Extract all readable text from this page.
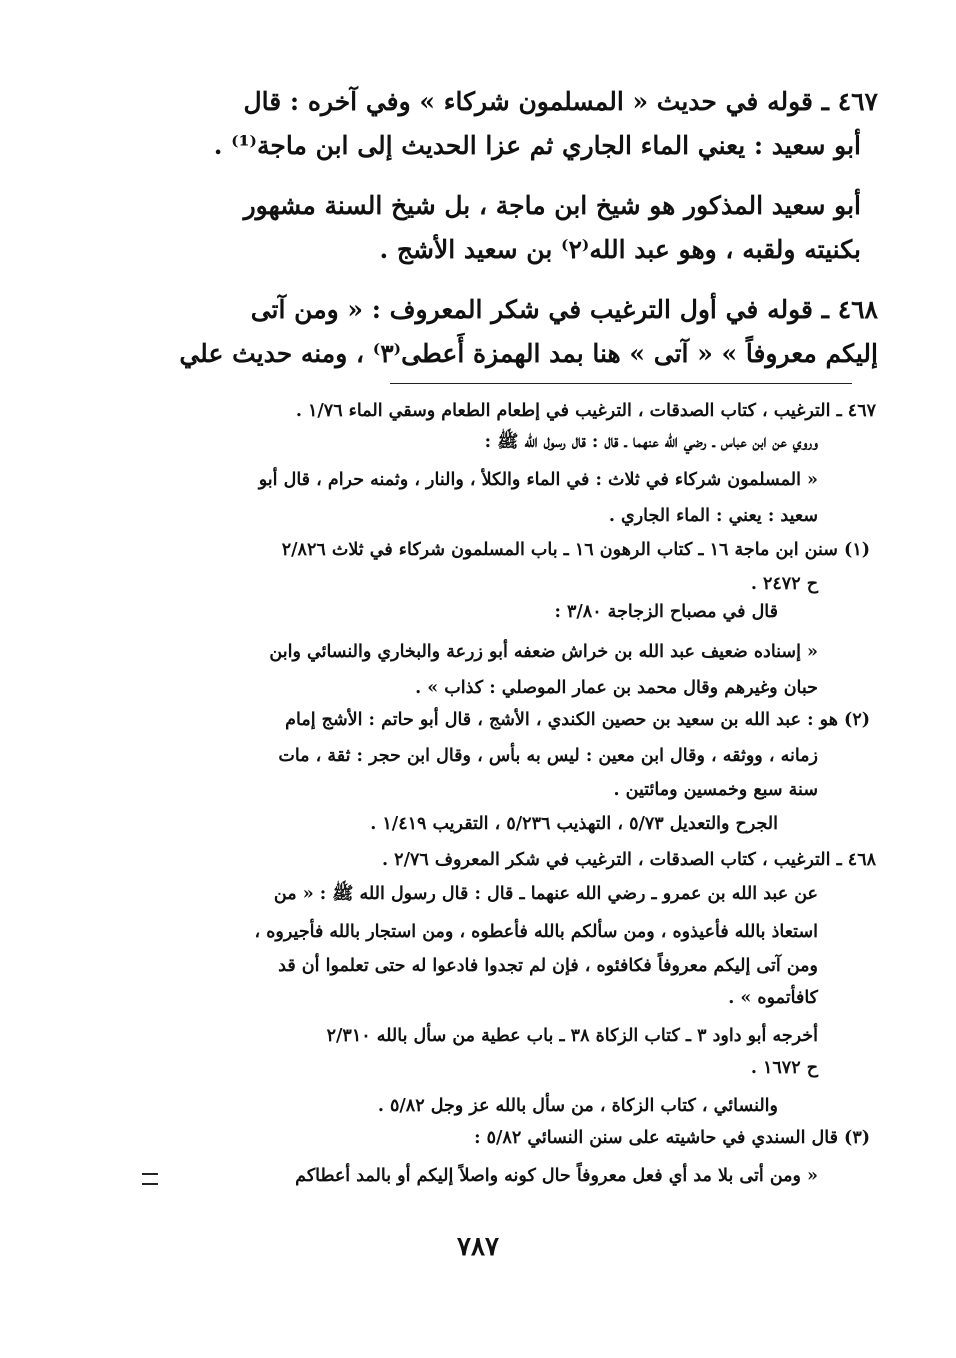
٤٦٧ ـ قوله في حديث « المسلمون شركاء » وفي آخره : قال
أبو سعيد : يعني الماء الجاري ثم عزا الحديث إلى ابن ماجة⁽¹⁾ .
أبو سعيد المذكور هو شيخ ابن ماجة ، بل شيخ السنة مشهور
بكنيته ولقبه ، وهو عبد الله⁽٢⁾ بن سعيد الأشج .
٤٦٨ ـ قوله في أول الترغيب في شكر المعروف : « ومن آتى
إليكم معروفاً » « آتى » هنا بمد الهمزة أَعطى⁽٣⁾ ، ومنه حديث علي
٤٦٧ ـ الترغيب ، كتاب الصدقات ، الترغيب في إطعام الطعام وسقي الماء ١/٧٦ .
وروي عن ابن عباس ـ رضي الله عنهما ـ قال : قال رسول الله ﷺ :
« المسلمون شركاء في ثلاث : في الماء والكلأ ، والنار ، وثمنه حرام ، قال أبو
سعيد : يعني : الماء الجاري .
(١) سنن ابن ماجة ١٦ ـ كتاب الرهون ١٦ ـ باب المسلمون شركاء في ثلاث ٢/٨٢٦
ح ٢٤٧٢ .
قال في مصباح الزجاجة ٣/٨٠ :
« إسناده ضعيف عبد الله بن خراش ضعفه أبو زرعة والبخاري والنسائي وابن
حبان وغيرهم وقال محمد بن عمار الموصلي : كذاب » .
(٢) هو : عبد الله بن سعيد بن حصين الكندي ، الأشج ، قال أبو حاتم : الأشج إمام
زمانه ، ووثقه ، وقال ابن معين : ليس به بأس ، وقال ابن حجر : ثقة ، مات
سنة سبع وخمسين ومائتين .
الجرح والتعديل ٥/٧٣ ، التهذيب ٥/٢٣٦ ، التقريب ١/٤١٩ .
٤٦٨ ـ الترغيب ، كتاب الصدقات ، الترغيب في شكر المعروف ٢/٧٦ .
عن عبد الله بن عمرو ـ رضي الله عنهما ـ قال : قال رسول الله ﷺ : « من
استعاذ بالله فأعيذوه ، ومن سألكم بالله فأعطوه ، ومن استجار بالله فأجيروه ،
ومن آتى إليكم معروفاً فكافئوه ، فإن لم تجدوا فادعوا له حتى تعلموا أن قد
كافأتموه » .
أخرجه أبو داود ٣ ـ كتاب الزكاة ٣٨ ـ باب عطية من سأل بالله ٢/٣١٠
ح ١٦٧٢ .
والنسائي ، كتاب الزكاة ، من سأل بالله عز وجل ٥/٨٢ .
(٣) قال السندي في حاشيته على سنن النسائي ٥/٨٢ :
« ومن أتى بلا مد أي فعل معروفاً حال كونه واصلاً إليكم أو بالمد أعطاكم
٧٨٧
